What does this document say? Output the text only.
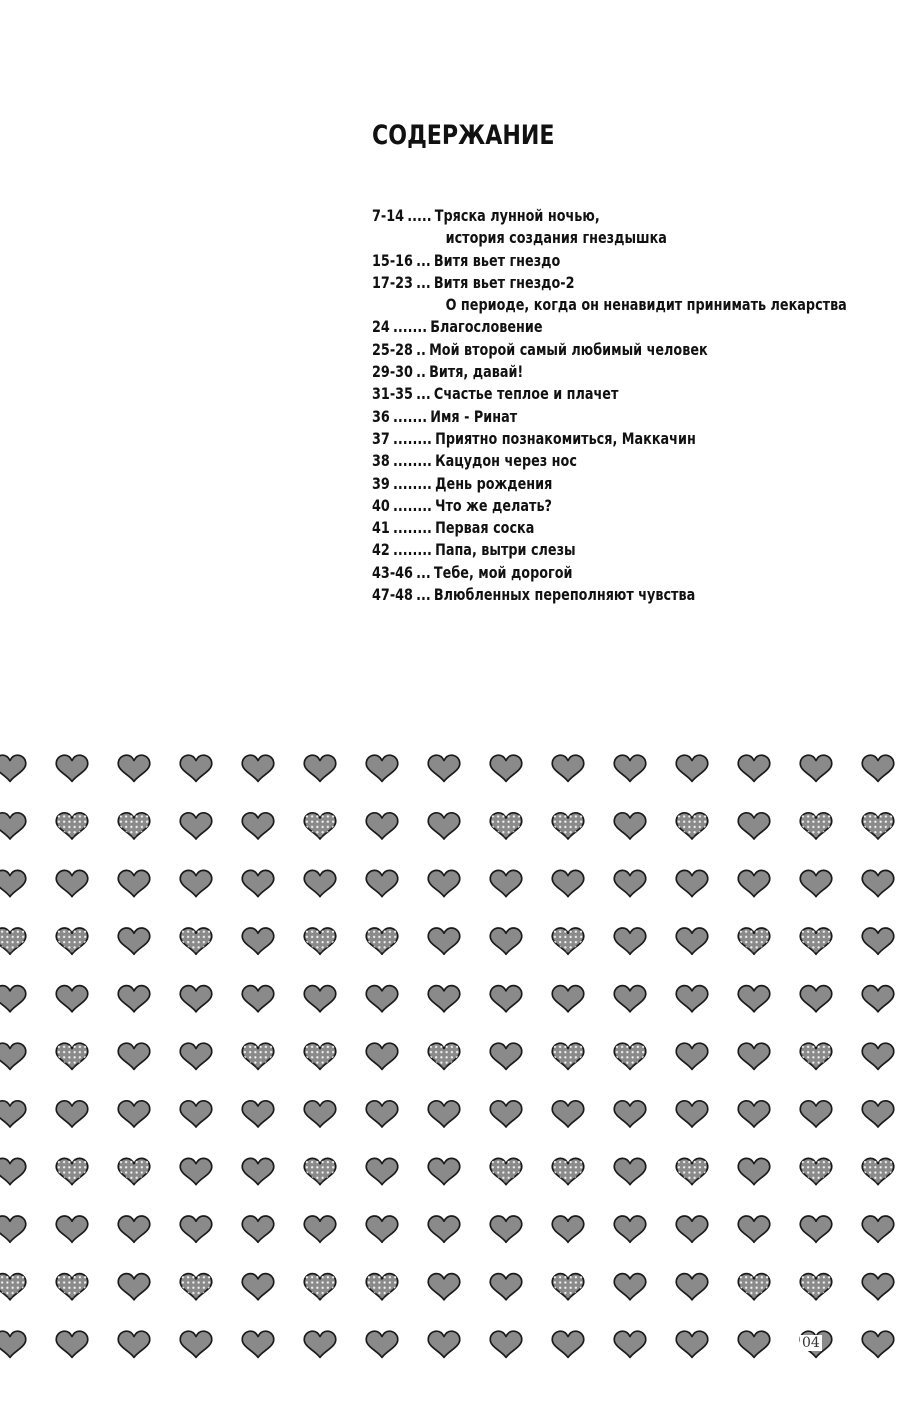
СОДЕРЖАНИЕ
7-14 ..... Тряска лунной ночью,
история создания гнездышка
15-16 ... Витя вьет гнездо
17-23 ... Витя вьет гнездо-2
О периоде, когда он ненавидит принимать лекарства
24 ....... Благословение
25-28 .. Мой второй самый любимый человек
29-30 .. Витя, давай!
31-35 ... Счастье теплое и плачет
36 ....... Имя - Ринат
37 ........ Приятно познакомиться, Маккачин
38 ........ Кацудон через нос
39 ........ День рождения
40 ........ Что же делать?
41 ........ Первая соска
42 ........ Папа, вытри слезы
43-46 ... Тебе, мой дорогой
47-48 ... Влюбленных переполняют чувства
04
